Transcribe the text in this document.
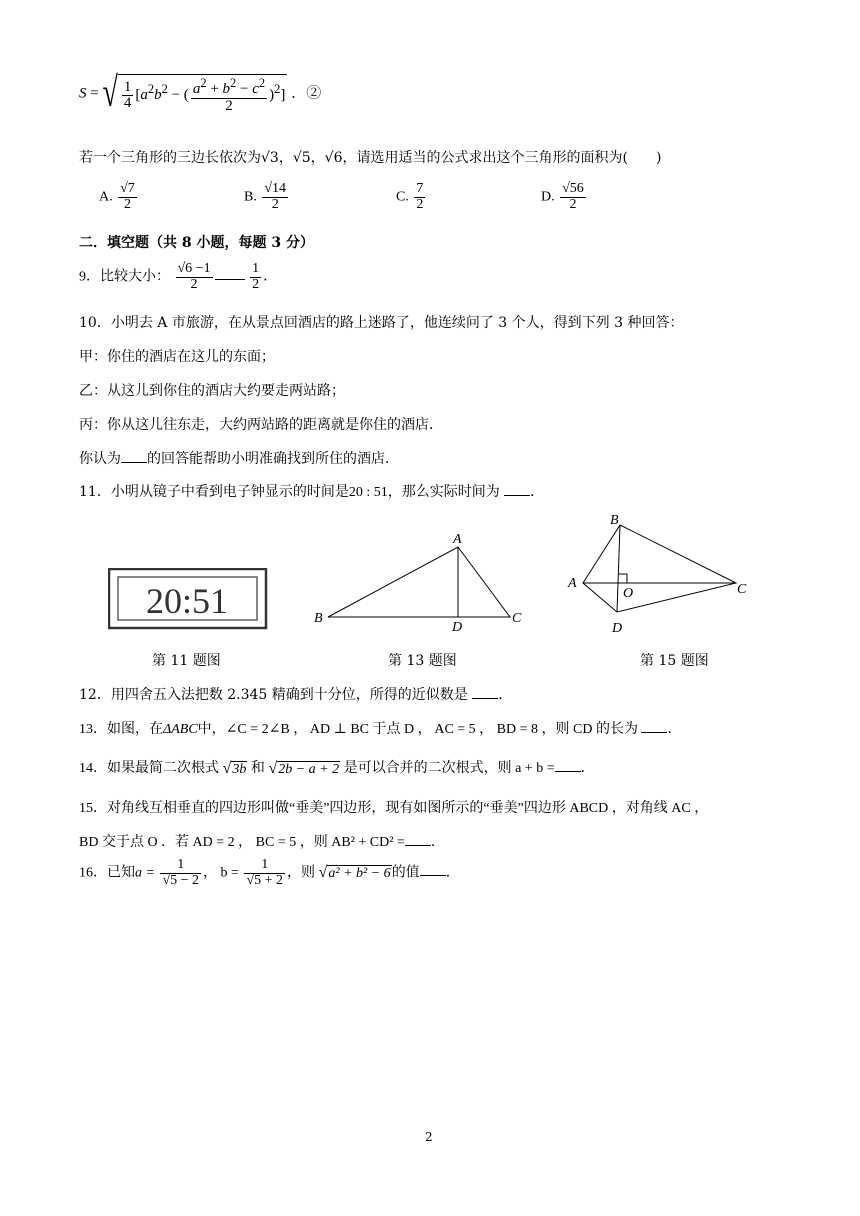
S = √ $\frac{1}{4} [a^2b^2$ − ( $\frac{a^2 + b^2 - c^2}{2} )^2$] ．②
若一个三角形的三边长依次为√3，√5，√6，请选用适当的公式求出这个三角形的面积为(　　)
A. $\frac{√7}{2}$	B. $\frac{√14}{2}$	C. $\frac{7}{2}$	D. $\frac{√56}{2}$
二．填空题（共 8 小题，每题 3 分）
9．比较大小： $\frac{√6 -1}{2}$
	$\frac{1}{2}$ ．
10．小明去 A 市旅游，在从景点回酒店的路上迷路了，他连续问了 3 个人，得到下列 3 种回答：
甲：你住的酒店在这儿的东面；
乙：从这儿到你住的酒店大约要走两站路；
丙：你从这儿往东走，大约两站路的距离就是你住的酒店．
你认为 的回答能帮助小明准确找到所住的酒店．
11．小明从镜子中看到电子钟显示的时间是20 : 51，那么实际时间为 ．
20:51
A
B	C
D
B
A	C
D
O
第 11 题图	第 13 题图	第 15 题图
12．用四舍五入法把数 2.345 精确到十分位，所得的近似数是 ．
13．如图，在ΔABC中，∠C = 2∠B ， AD ⊥ BC 于点 D ， AC = 5 ， BD = 8 ，则 CD 的长为 ．
14．如果最简二次根式 √3b 和 √2b − a + 2 是可以合并的二次根式，则 a + b = ．
15．对角线互相垂直的四边形叫做“垂美”四边形，现有如图所示的“垂美”四边形 ABCD ，对角线 AC ，
BD 交于点 O ．若 AD = 2 ， BC = 5 ，则 AB² + CD² = ．
16．已知$a = \frac{1}{√5 - 2}$ ， $b = \frac{1}{√5 + 2}$ ，则 √a² + b² − 6的值 ．
2
